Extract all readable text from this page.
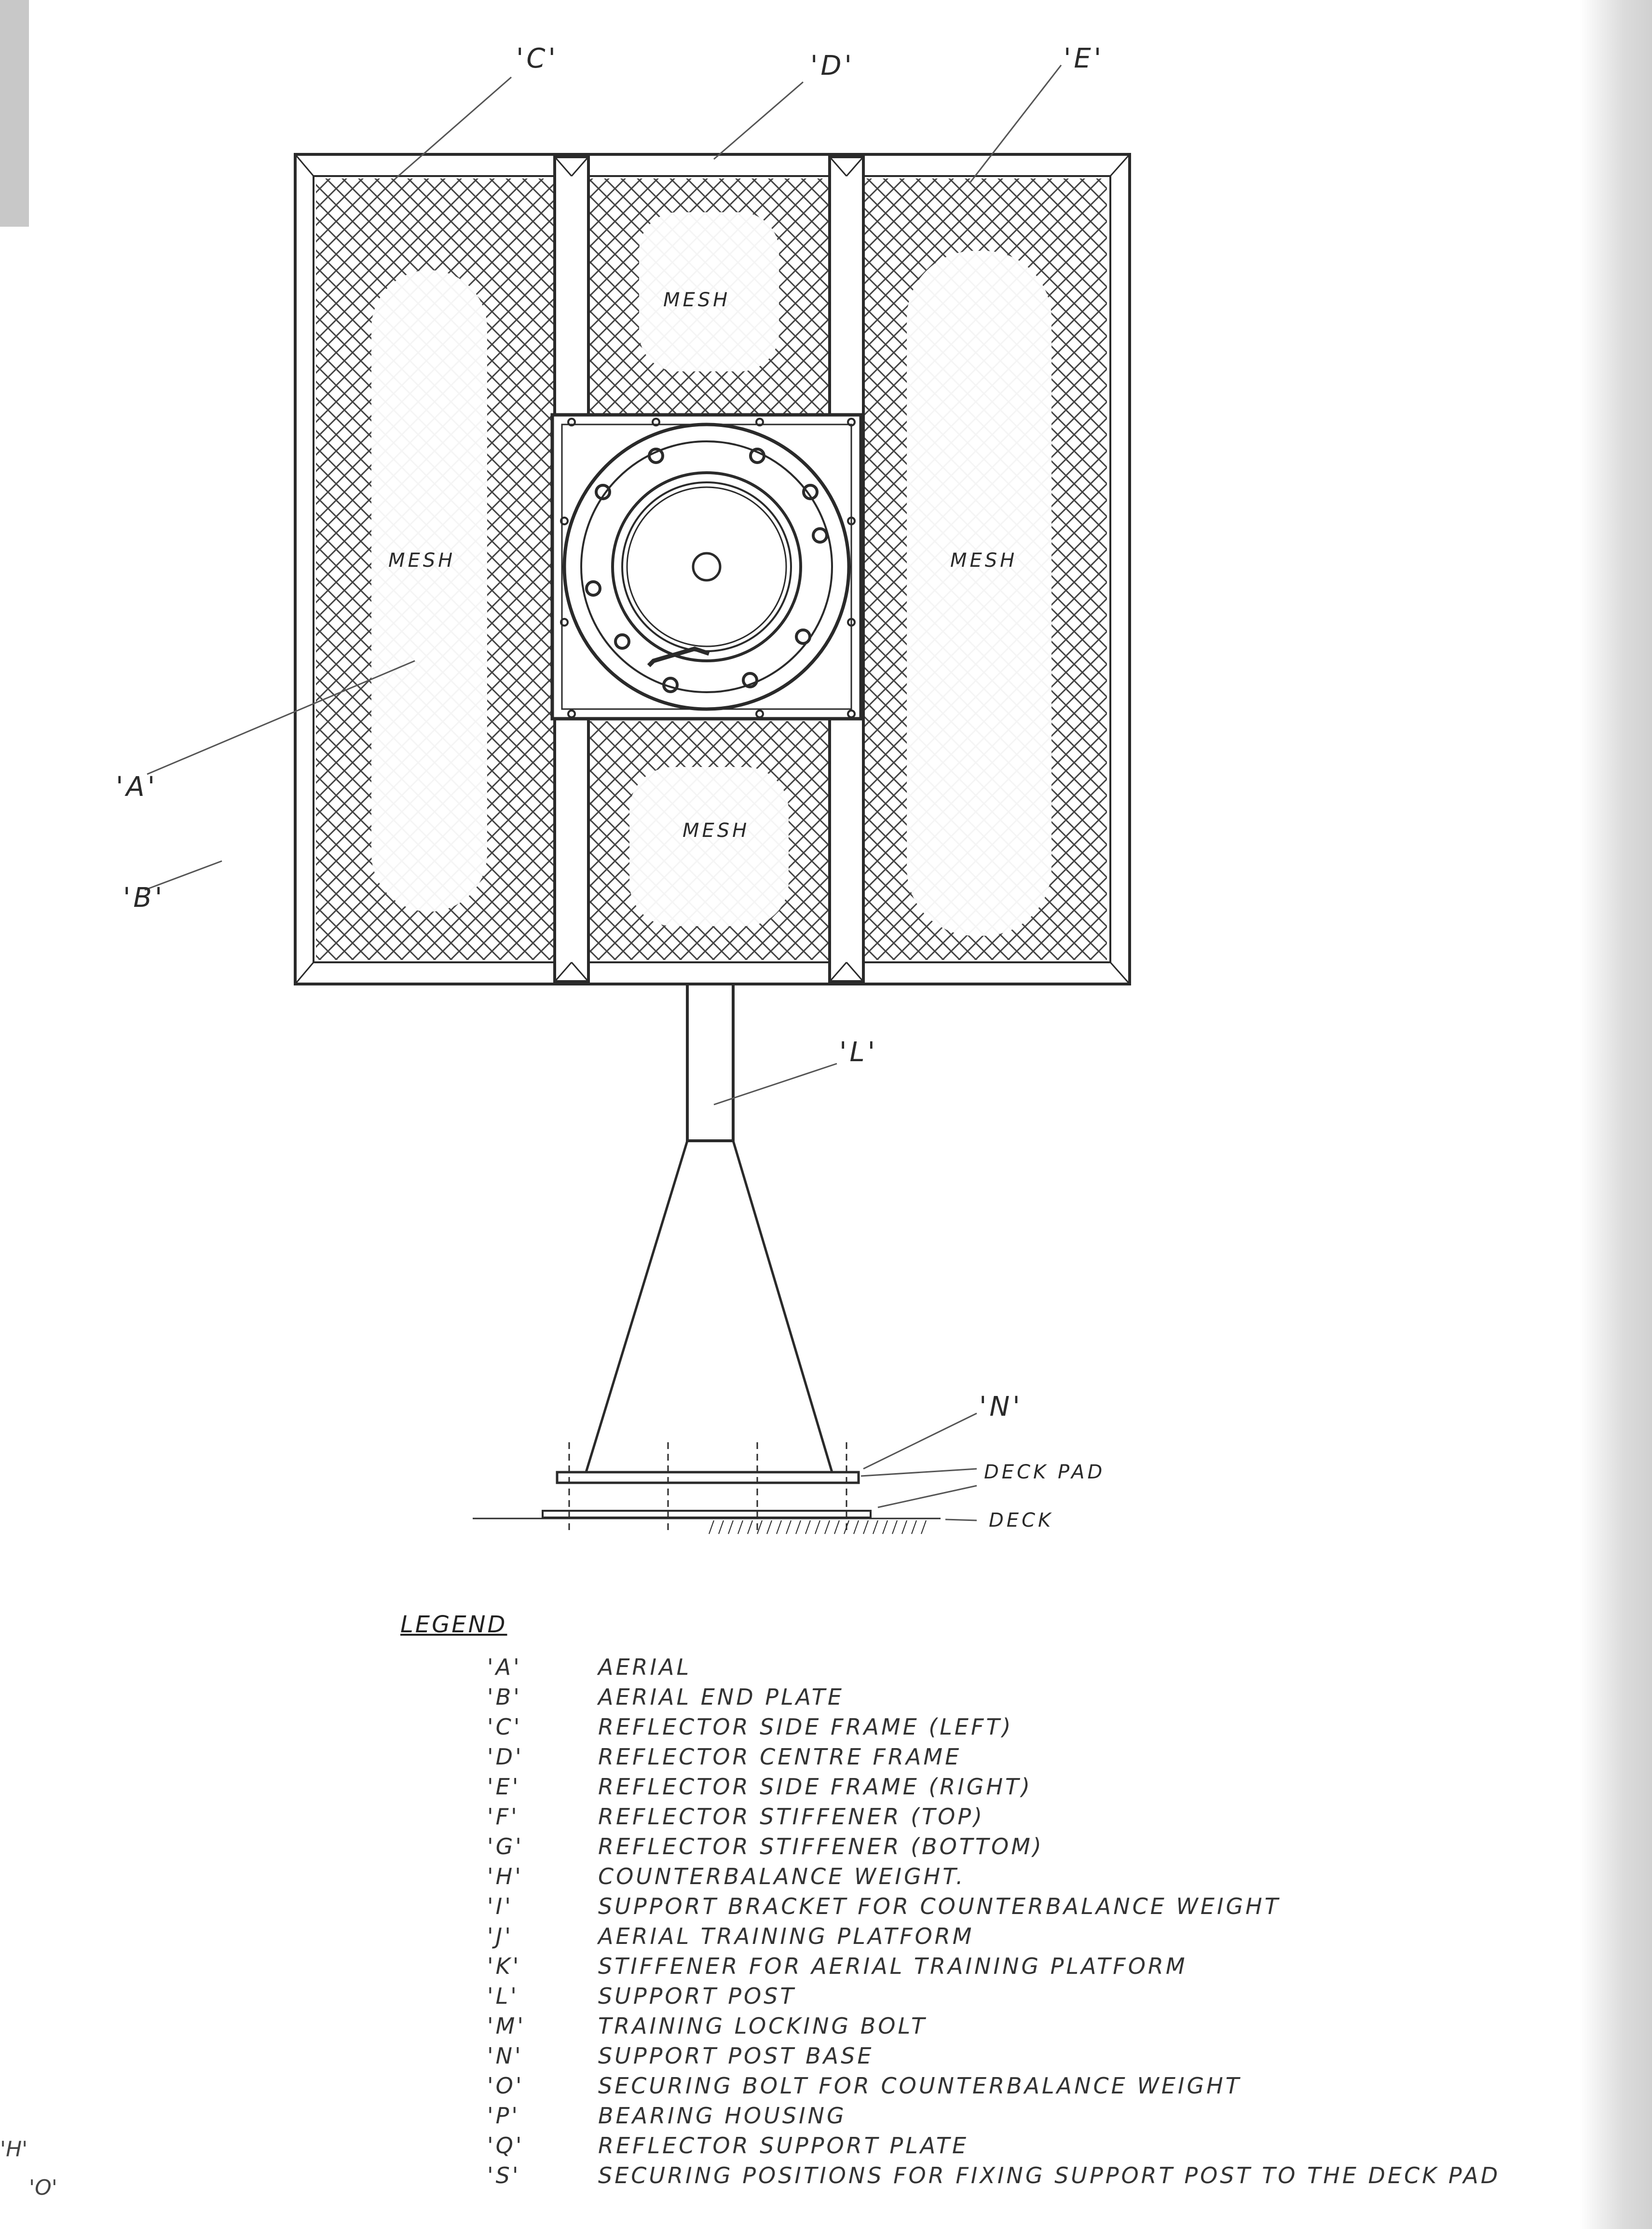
'C'	'D'	'E'
'A'
'B'
'L'
'N'
MESH	MESH
MESH
MESH
DECK PAD
DECK
LEGEND
'A'	AERIAL
'B'	AERIAL END PLATE
'C'	REFLECTOR SIDE FRAME (LEFT)
'D'	REFLECTOR CENTRE FRAME
'E'	REFLECTOR SIDE FRAME (RIGHT)
'F'	REFLECTOR STIFFENER (TOP)
'G'	REFLECTOR STIFFENER (BOTTOM)
'H'	COUNTERBALANCE WEIGHT.
'I'	SUPPORT BRACKET FOR COUNTERBALANCE WEIGHT
'J'	AERIAL TRAINING PLATFORM
'K'	STIFFENER FOR AERIAL TRAINING PLATFORM
'L'	SUPPORT POST
'M'	TRAINING LOCKING BOLT
'N'	SUPPORT POST BASE
'O'	SECURING BOLT FOR COUNTERBALANCE WEIGHT
'P'	BEARING HOUSING
'Q'	REFLECTOR SUPPORT PLATE
'S'	SECURING POSITIONS FOR FIXING SUPPORT POST TO THE DECK PAD
'H'
'O'
